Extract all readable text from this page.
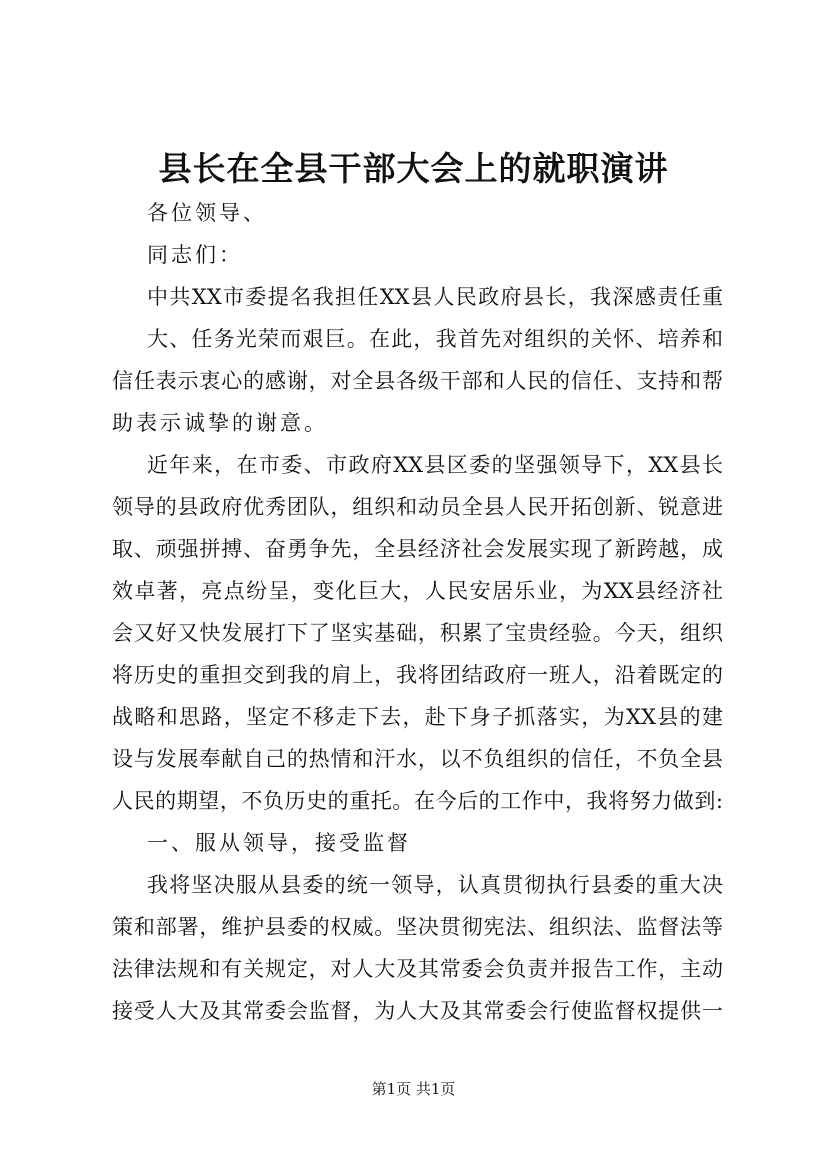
县长在全县干部大会上的就职演讲
各位领导、
同志们：
中共XX市委提名我担任XX县人民政府县长，我深感责任重
大、任务光荣而艰巨。在此，我首先对组织的关怀、培养和
信任表示衷心的感谢，对全县各级干部和人民的信任、支持和帮
助表示诚挚的谢意。
近年来，在市委、市政府XX县区委的坚强领导下，XX县长
领导的县政府优秀团队，组织和动员全县人民开拓创新、锐意进
取、顽强拼搏、奋勇争先，全县经济社会发展实现了新跨越，成
效卓著，亮点纷呈，变化巨大，人民安居乐业，为XX县经济社
会又好又快发展打下了坚实基础，积累了宝贵经验。今天，组织
将历史的重担交到我的肩上，我将团结政府一班人，沿着既定的
战略和思路，坚定不移走下去，赴下身子抓落实，为XX县的建
设与发展奉献自己的热情和汗水，以不负组织的信任，不负全县
人民的期望，不负历史的重托。在今后的工作中，我将努力做到:
一、服从领导，接受监督
我将坚决服从县委的统一领导，认真贯彻执行县委的重大决
策和部署，维护县委的权威。坚决贯彻宪法、组织法、监督法等
法律法规和有关规定，对人大及其常委会负责并报告工作，主动
接受人大及其常委会监督，为人大及其常委会行使监督权提供一
第1页 共1页
